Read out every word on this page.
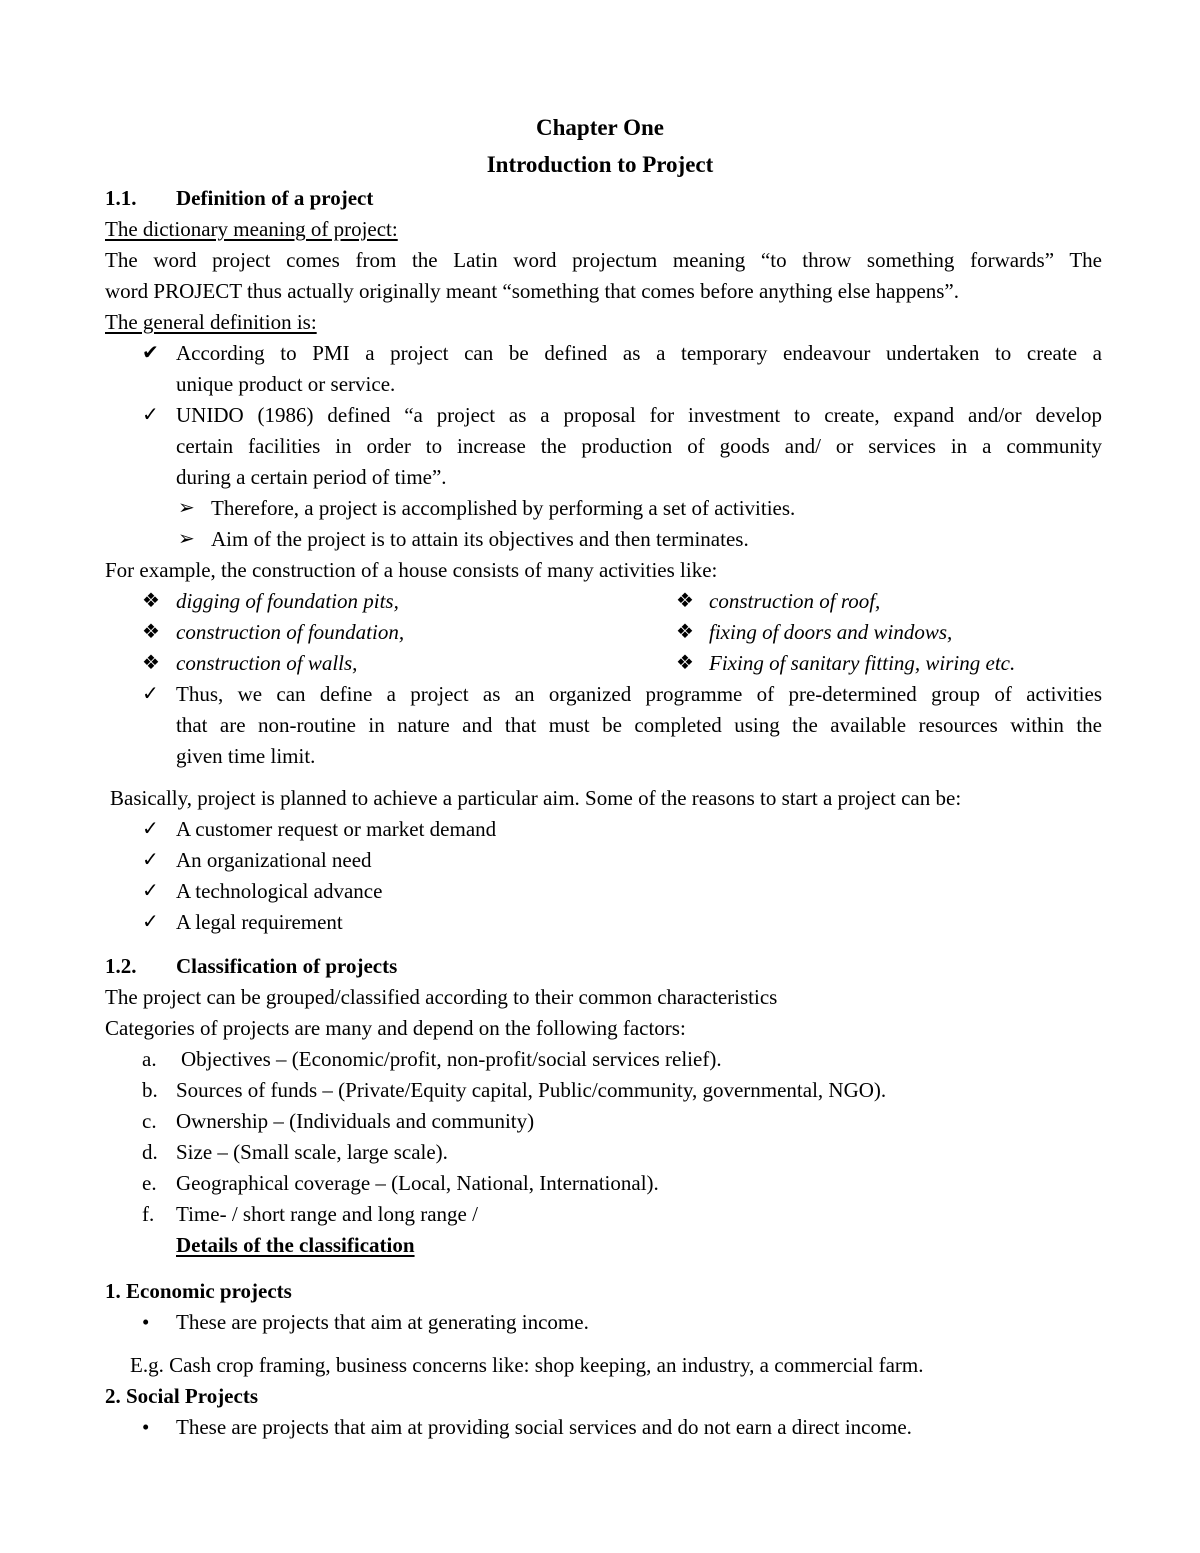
Chapter One
Introduction to Project
1.1. Definition of a project
The dictionary meaning of project:
The word project comes from the Latin word projectum meaning “to throw something forwards” The
word PROJECT thus actually originally meant “something that comes before anything else happens”.
The general definition is:
✔ According to PMI a project can be defined as a temporary endeavour undertaken to create a
unique product or service.
✓ UNIDO (1986) defined “a project as a proposal for investment to create, expand and/or develop
certain facilities in order to increase the production of goods and/ or services in a community
during a certain period of time”.
➢ Therefore, a project is accomplished by performing a set of activities.
➢ Aim of the project is to attain its objectives and then terminates.
For example, the construction of a house consists of many activities like:
❖ digging of foundation pits,	❖ construction of roof,
❖ construction of foundation,	❖ fixing of doors and windows,
❖ construction of walls,	❖ Fixing of sanitary fitting, wiring etc.
✓ Thus, we can define a project as an organized programme of pre-determined group of activities
that are non-routine in nature and that must be completed using the available resources within the
given time limit.
Basically, project is planned to achieve a particular aim. Some of the reasons to start a project can be:
✓ A customer request or market demand
✓ An organizational need
✓ A technological advance
✓ A legal requirement
1.2. Classification of projects
The project can be grouped/classified according to their common characteristics
Categories of projects are many and depend on the following factors:
a. Objectives – (Economic/profit, non-profit/social services relief).
b. Sources of funds – (Private/Equity capital, Public/community, governmental, NGO).
c. Ownership – (Individuals and community)
d. Size – (Small scale, large scale).
e. Geographical coverage – (Local, National, International).
f. Time- / short range and long range /
Details of the classification
1. Economic projects
• These are projects that aim at generating income.
E.g. Cash crop framing, business concerns like: shop keeping, an industry, a commercial farm.
2. Social Projects
• These are projects that aim at providing social services and do not earn a direct income.
